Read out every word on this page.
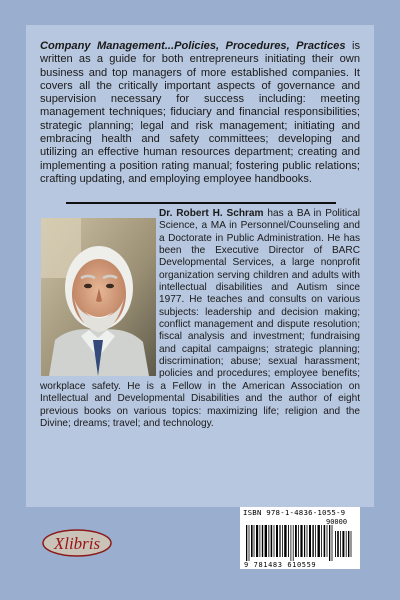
Company Management...Policies, Procedures, Practices is written as a guide for both entrepreneurs initiating their own business and top managers of more established companies. It covers all the critically important aspects of governance and supervision necessary for success including: meeting management techniques; fiduciary and financial responsibilities; strategic planning; legal and risk management; initiating and embracing health and safety committees; developing and utilizing an effective human resources department; creating and implementing a position rating manual; fostering public relations; crafting updating, and employing employee handbooks.

Dr. Robert H. Schram has a BA in Political Science, a MA in Personnel/Counseling and a Doctorate in Public Administration. He has been the Executive Director of BARC Developmental Services, a large nonprofit organization serving children and adults with intellectual disabilities and Autism since 1977. He teaches and consults on various subjects: leadership and decision making; conflict management and dispute resolution; fiscal analysis and investment; fundraising and capital campaigns; strategic planning; discrimination; abuse; sexual harassment; policies and procedures; employee benefits; workplace safety. He is a Fellow in the American Association on Intellectual and Developmental Disabilities and the author of eight previous books on various topics: maximizing life; religion and the Divine; dreams; travel; and technology.

Xlibris
ISBN 978-1-4836-1055-9
90000
9 781483 610559
